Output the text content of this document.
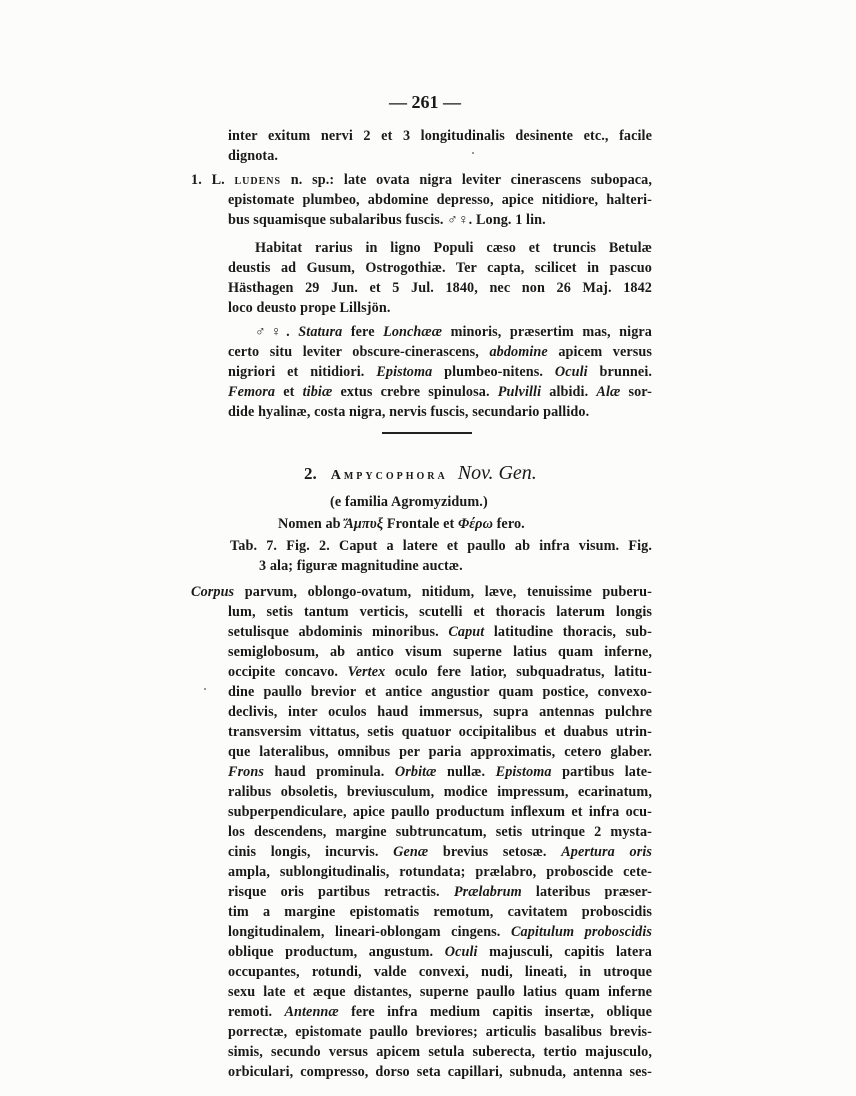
— 261 —
inter exitum nervi 2 et 3 longitudinalis desinente etc., facile
dignota.
1. L. ludens n. sp.: late ovata nigra leviter cinerascens subopaca,
epistomate plumbeo, abdomine depresso, apice nitidiore, halteri-
bus squamisque subalaribus fuscis. ♂♀. Long. 1 lin.
Habitat rarius in ligno Populi cæso et truncis Betulæ
deustis ad Gusum, Ostrogothiæ. Ter capta, scilicet in pascuo
Hästhagen 29 Jun. et 5 Jul. 1840, nec non 26 Maj. 1842
loco deusto prope Lillsjön.
♂♀. Statura fere Lonchææ minoris, præsertim mas, nigra
certo situ leviter obscure-cinerascens, abdomine apicem versus
nigriori et nitidiori. Epistoma plumbeo-nitens. Oculi brunnei.
Femora et tibiæ extus crebre spinulosa. Pulvilli albidi. Alæ sor-
dide hyalinæ, costa nigra, nervis fuscis, secundario pallido.
2. Ampycophora Nov. Gen.
(e familia Agromyzidum.)
Nomen ab Ἄμπυξ Frontale et Φέρω fero.
Tab. 7. Fig. 2. Caput a latere et paullo ab infra visum. Fig.
3 ala; figuræ magnitudine auctæ.
Corpus parvum, oblongo-ovatum, nitidum, læve, tenuissime puberu-
lum, setis tantum verticis, scutelli et thoracis laterum longis
setulisque abdominis minoribus. Caput latitudine thoracis, sub-
semiglobosum, ab antico visum superne latius quam inferne,
occipite concavo. Vertex oculo fere latior, subquadratus, latitu-
dine paullo brevior et antice angustior quam postice, convexo-
declivis, inter oculos haud immersus, supra antennas pulchre
transversim vittatus, setis quatuor occipitalibus et duabus utrin-
que lateralibus, omnibus per paria approximatis, cetero glaber.
Frons haud prominula. Orbitæ nullæ. Epistoma partibus late-
ralibus obsoletis, breviusculum, modice impressum, ecarinatum,
subperpendiculare, apice paullo productum inflexum et infra ocu-
los descendens, margine subtruncatum, setis utrinque 2 mysta-
cinis longis, incurvis. Genæ brevius setosæ. Apertura oris
ampla, sublongitudinalis, rotundata; prælabro, proboscide cete-
risque oris partibus retractis. Prælabrum lateribus præser-
tim a margine epistomatis remotum, cavitatem proboscidis
longitudinalem, lineari-oblongam cingens. Capitulum proboscidis
oblique productum, angustum. Oculi majusculi, capitis latera
occupantes, rotundi, valde convexi, nudi, lineati, in utroque
sexu late et æque distantes, superne paullo latius quam inferne
remoti. Antennæ fere infra medium capitis insertæ, oblique
porrectæ, epistomate paullo breviores; articulis basalibus brevis-
simis, secundo versus apicem setula suberecta, tertio majusculo,
orbiculari, compresso, dorso seta capillari, subnuda, antenna ses-
